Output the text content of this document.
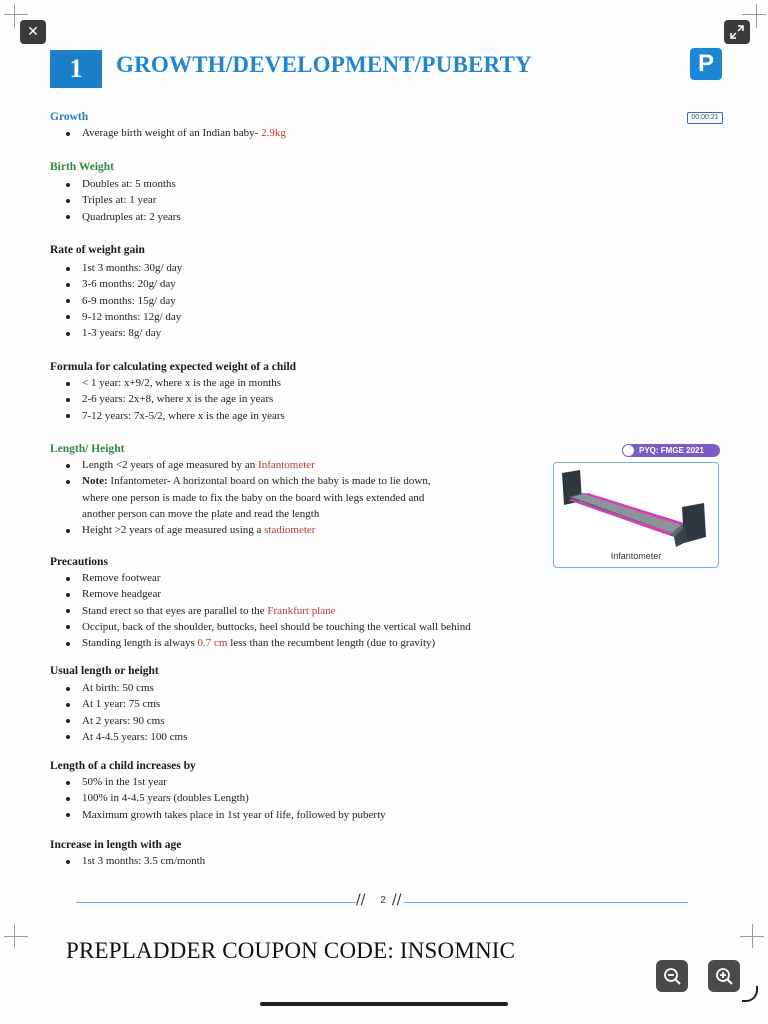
✕
1	GROWTH/DEVELOPMENT/PUBERTY	P
00:00:21
Growth
Average birth weight of an Indian baby- 2.9kg
Birth Weight
Doubles at: 5 months
Triples at: 1 year
Quadruples at: 2 years
Rate of weight gain
1st 3 months: 30g/ day
3-6 months: 20g/ day
6-9 months: 15g/ day
9-12 months: 12g/ day
1-3 years: 8g/ day
Formula for calculating expected weight of a child
< 1 year: x+9/2, where x is the age in months
2-6 years: 2x+8, where x is the age in years
7-12 years: 7x-5/2, where x is the age in years
Length/ Height
Length <2 years of age measured by an Infantometer
Note: Infantometer- A horizontal board on which the baby is made to lie down, where one person is made to fix the baby on the board with legs extended and another person can move the plate and read the length
Height >2 years of age measured using a stadiometer
PYQ: FMGE 2021
Infantometer
Precautions
Remove footwear
Remove headgear
Stand erect so that eyes are parallel to the Frankfurt plane
Occiput, back of the shoulder, buttocks, heel should be touching the vertical wall behind
Standing length is always 0.7 cm less than the recumbent length (due to gravity)
Usual length or height
At birth: 50 cms
At 1 year: 75 cms
At 2 years: 90 cms
At 4-4.5 years: 100 cms
Length of a child increases by
50% in the 1st year
100% in 4-4.5 years (doubles Length)
Maximum growth takes place in 1st year of life, followed by puberty
Increase in length with age
1st 3 months: 3.5 cm/month
// //
2
PREPLADDER COUPON CODE: INSOMNIC
